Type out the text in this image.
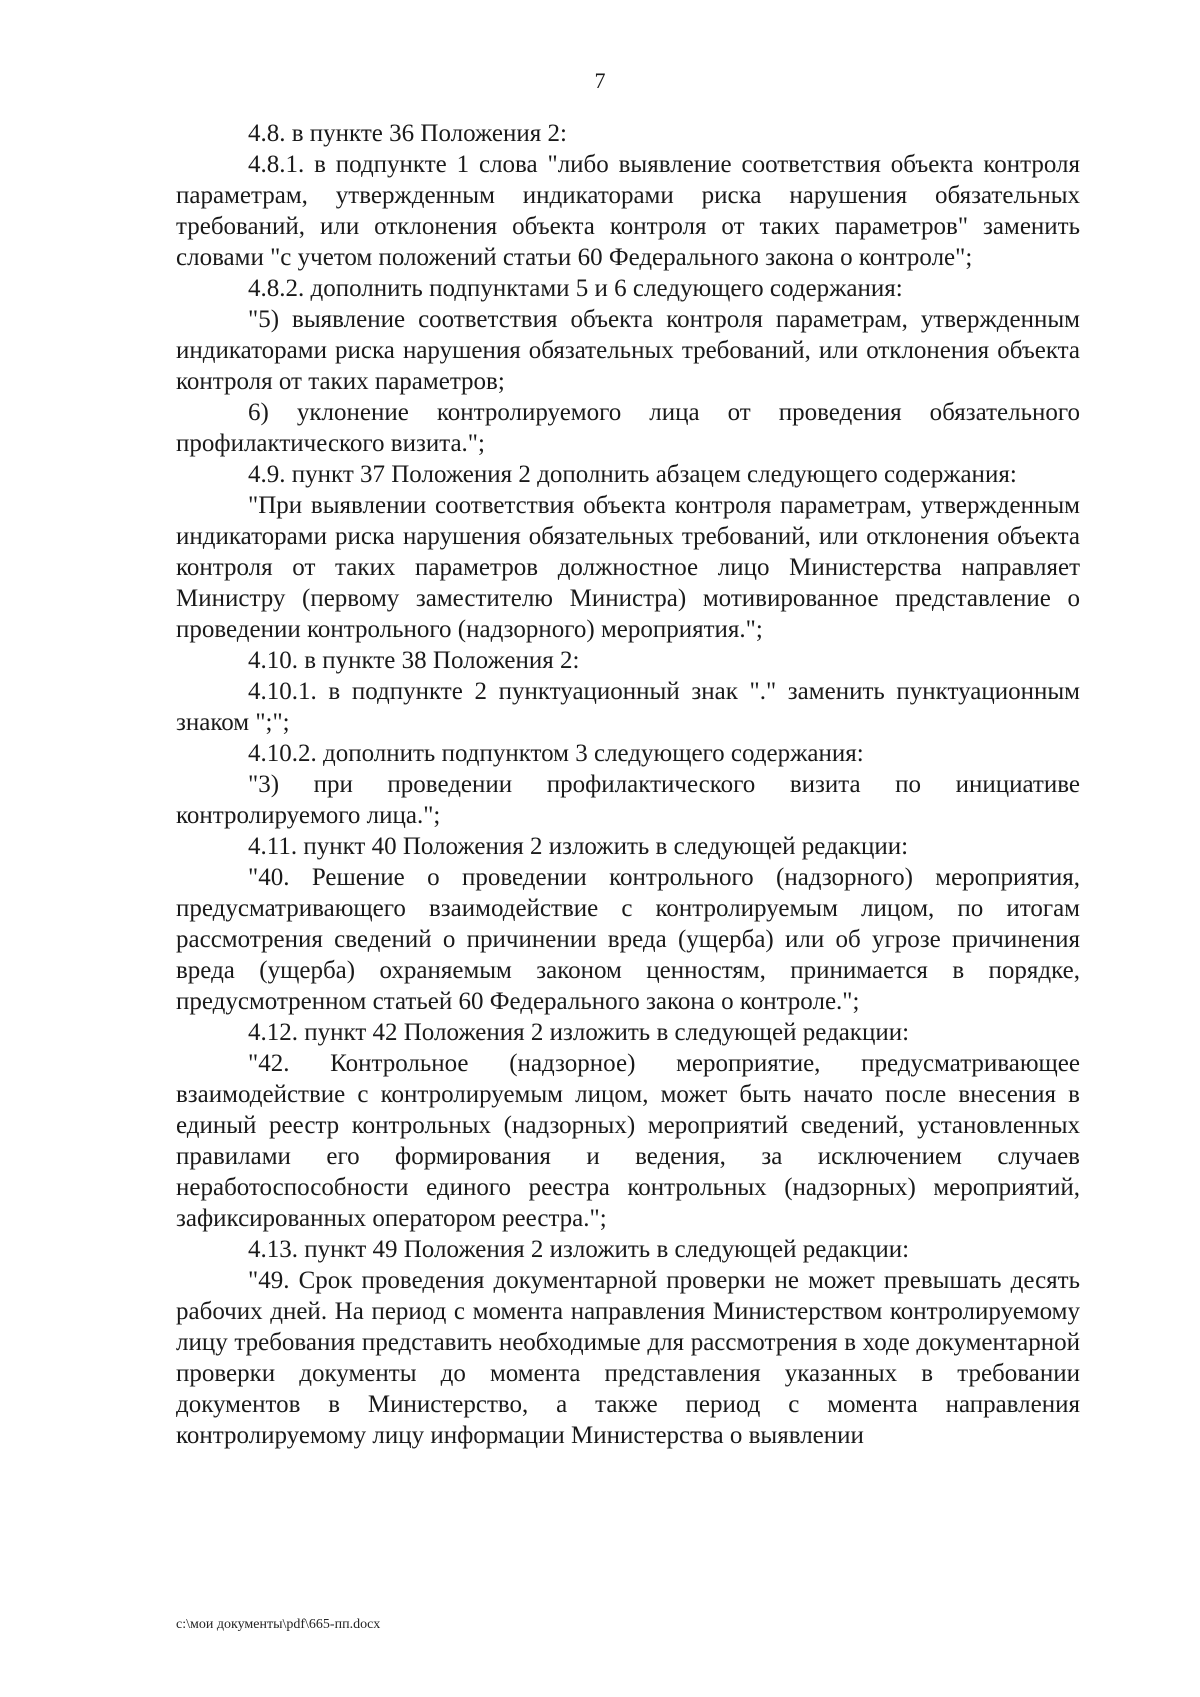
7

4.8. в пункте 36 Положения 2:

4.8.1. в подпункте 1 слова "либо выявление соответствия объекта контроля параметрам, утвержденным индикаторами риска нарушения обязательных требований, или отклонения объекта контроля от таких параметров" заменить словами "с учетом положений статьи 60 Федерального закона о контроле";

4.8.2. дополнить подпунктами 5 и 6 следующего содержания:

"5) выявление соответствия объекта контроля параметрам, утвержденным индикаторами риска нарушения обязательных требований, или отклонения объекта контроля от таких параметров;

6) уклонение контролируемого лица от проведения обязательного профилактического визита.";

4.9. пункт 37 Положения 2 дополнить абзацем следующего содержания:

"При выявлении соответствия объекта контроля параметрам, утвержденным индикаторами риска нарушения обязательных требований, или отклонения объекта контроля от таких параметров должностное лицо Министерства направляет Министру (первому заместителю Министра) мотивированное представление о проведении контрольного (надзорного) мероприятия.";

4.10. в пункте 38 Положения 2:

4.10.1. в подпункте 2 пунктуационный знак "." заменить пунктуационным знаком ";";

4.10.2. дополнить подпунктом 3 следующего содержания:

"3) при проведении профилактического визита по инициативе контролируемого лица.";

4.11. пункт 40 Положения 2 изложить в следующей редакции:

"40. Решение о проведении контрольного (надзорного) мероприятия, предусматривающего взаимодействие с контролируемым лицом, по итогам рассмотрения сведений о причинении вреда (ущерба) или об угрозе причинения вреда (ущерба) охраняемым законом ценностям, принимается в порядке, предусмотренном статьей 60 Федерального закона о контроле.";

4.12. пункт 42 Положения 2 изложить в следующей редакции:

"42. Контрольное (надзорное) мероприятие, предусматривающее взаимодействие с контролируемым лицом, может быть начато после внесения в единый реестр контрольных (надзорных) мероприятий сведений, установленных правилами его формирования и ведения, за исключением случаев неработоспособности единого реестра контрольных (надзорных) мероприятий, зафиксированных оператором реестра.";

4.13. пункт 49 Положения 2 изложить в следующей редакции:

"49. Срок проведения документарной проверки не может превышать десять рабочих дней. На период с момента направления Министерством контролируемому лицу требования представить необходимые для рассмотрения в ходе документарной проверки документы до момента представления указанных в требовании документов в Министерство, а также период с момента направления контролируемому лицу информации Министерства о выявлении

c:\мои документы\pdf\665-пп.docx
